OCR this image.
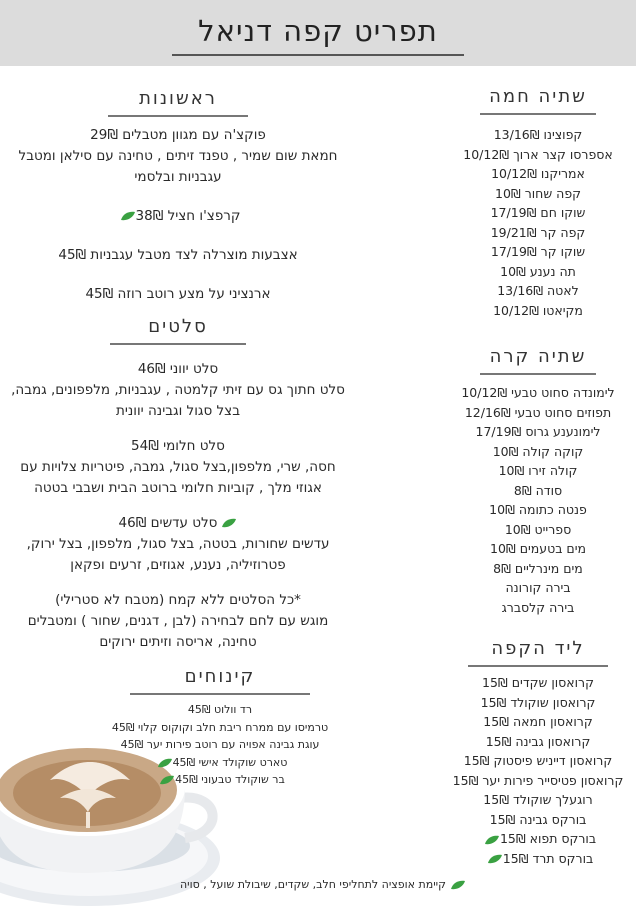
תפריט קפה דניאל
שתיה חמה
קפוצינו 13/16₪
אספרסו קצר ארוך 10/12₪
אמריקנו 10/12₪
קפה שחור 10₪
שוקו חם 17/19₪
קפה קר 19/21₪
שוקו קר 17/19₪
תה נענע 10₪
לאטה 13/16₪
מקיאטו 10/12₪
שתיה קרה
לימונדה סחוט טבעי 10/12₪
תפוזים סחוט טבעי 12/16₪
לימונענע גרוס 17/19₪
קוקה קולה 10₪
קולה זירו 10₪
סודה 8₪
פנטה כתומה 10₪
ספרייט 10₪
מים בטעמים 10₪
מים מינרליים 8₪
בירה קורונה
בירה קלסברג
ליד הקפה
קרואסון שקדים 15₪
קרואסון שוקולד 15₪
קרואסון חמאה 15₪
קרואסון גבינה 15₪
קרואסון דייניש פיסטוק 15₪
קרואסון פטיסייר פירות יער 15₪
רוגעלך שוקולד 15₪
בורקס גבינה 15₪
בורקס תפוא 15₪
בורקס תרד 15₪
ראשונות
פוקצ'ה עם מגוון מטבלים 29₪
חמאת שום שמיר , טפנד זיתים , טחינה עם סילאן ומטבל
עגבניות ובלסמי
קרפצ'ו חציל 38₪
אצבעות מוצרלה לצד מטבל עגבניות 45₪
ארנציני על מצע רוטב רוזה 45₪
סלטים
סלט יווני 46₪
סלט חתוך גס עם זיתי קלמטה , עגבניות, מלפפונים, גמבה,
בצל סגול וגבינה יוונית
סלט חלומי 54₪
חסה, שרי, מלפפון,בצל סגול, גמבה, פיטריות צלויות עם
אגוזי מלך , קוביות חלומי ברוטב הבית ושבבי בטטה
סלט עדשים 46₪
עדשים שחורות, בטטה, בצל סגול, מלפפון, בצל ירוק,
פטרוזיליה, נענע, אגוזים, זרעים ופקאן
*כל הסלטים ללא קמח (מטבח לא סטרילי)
מוגש עם לחם לבחירה (לבן , דגנים, שחור ) ומטבלים
טחינה, אריסה וזיתים ירוקים
קינוחים
רד וולוט 45₪
טרמיסו עם ממרח ריבת חלב וקוקוס קלוי 45₪
עוגת גבינה אפויה עם רוטב פירות יער 45₪
טארט שוקולד אישי 45₪
בר שוקולד טבעוני 45₪
קיימת אופציה לתחליפי חלב, שקדים, שיבולת שועל , סויה
